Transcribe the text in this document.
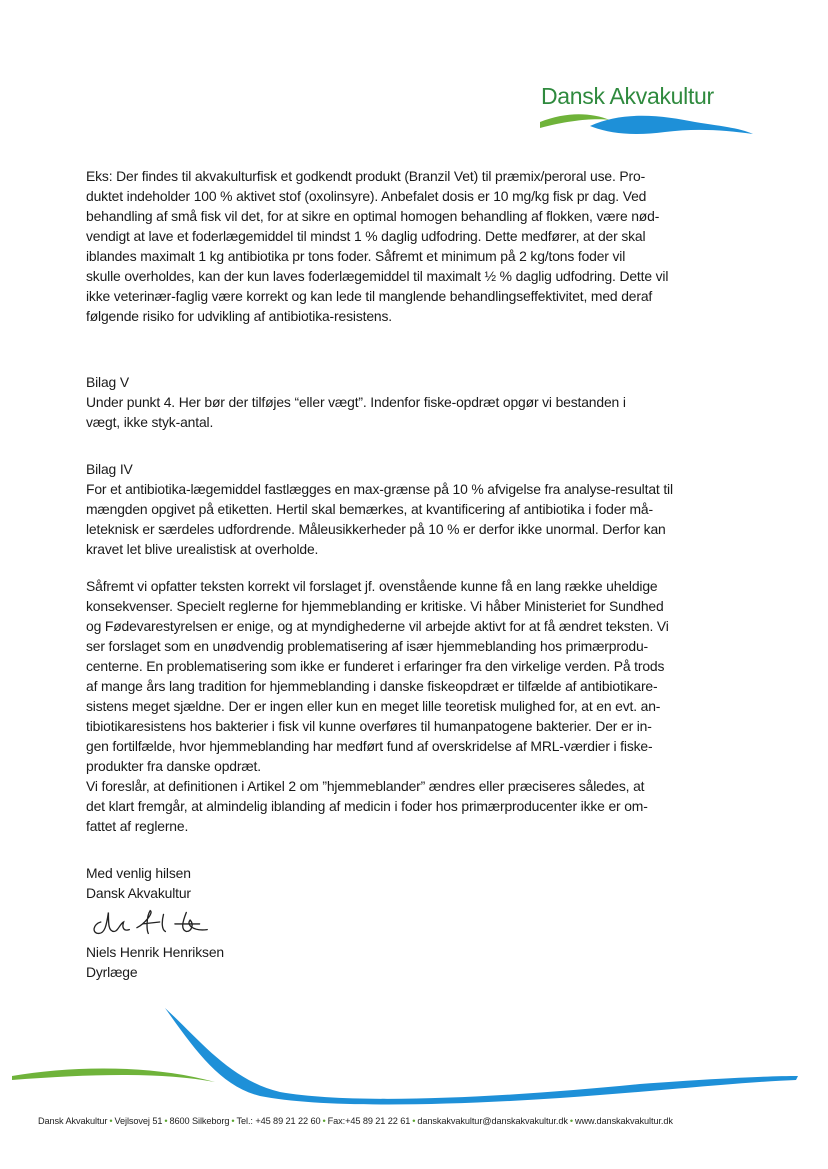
Dansk Akvakultur
Eks: Der findes til akvakulturfisk et godkendt produkt (Branzil Vet) til præmix/peroral use. Pro-
duktet indeholder 100 % aktivet stof (oxolinsyre). Anbefalet dosis er 10 mg/kg fisk pr dag. Ved
behandling af små fisk vil det, for at sikre en optimal homogen behandling af flokken, være nød-
vendigt at lave et foderlægemiddel til mindst 1 % daglig udfodring. Dette medfører, at der skal
iblandes maximalt 1 kg antibiotika pr tons foder. Såfremt et minimum på 2 kg/tons foder vil
skulle overholdes, kan der kun laves foderlægemiddel til maximalt ½ % daglig udfodring. Dette vil
ikke veterinær-faglig være korrekt og kan lede til manglende behandlingseffektivitet, med deraf
følgende risiko for udvikling af antibiotika-resistens.
Bilag V
Under punkt 4. Her bør der tilføjes “eller vægt”. Indenfor fiske-opdræt opgør vi bestanden i
vægt, ikke styk-antal.
Bilag IV
For et antibiotika-lægemiddel fastlægges en max-grænse på 10 % afvigelse fra analyse-resultat til
mængden opgivet på etiketten. Hertil skal bemærkes, at kvantificering af antibiotika i foder må-
leteknisk er særdeles udfordrende. Måleusikkerheder på 10 % er derfor ikke unormal. Derfor kan
kravet let blive urealistisk at overholde.
Såfremt vi opfatter teksten korrekt vil forslaget jf. ovenstående kunne få en lang række uheldige
konsekvenser. Specielt reglerne for hjemmeblanding er kritiske. Vi håber Ministeriet for Sundhed
og Fødevarestyrelsen er enige, og at myndighederne vil arbejde aktivt for at få ændret teksten. Vi
ser forslaget som en unødvendig problematisering af især hjemmeblanding hos primærprodu-
centerne. En problematisering som ikke er funderet i erfaringer fra den virkelige verden. På trods
af mange års lang tradition for hjemmeblanding i danske fiskeopdræt er tilfælde af antibiotikare-
sistens meget sjældne. Der er ingen eller kun en meget lille teoretisk mulighed for, at en evt. an-
tibiotikaresistens hos bakterier i fisk vil kunne overføres til humanpatogene bakterier. Der er in-
gen fortilfælde, hvor hjemmeblanding har medført fund af overskridelse af MRL-værdier i fiske-
produkter fra danske opdræt.
Vi foreslår, at definitionen i Artikel 2 om ”hjemmeblander” ændres eller præciseres således, at
det klart fremgår, at almindelig iblanding af medicin i foder hos primærproducenter ikke er om-
fattet af reglerne.
Med venlig hilsen
Dansk Akvakultur
Niels Henrik Henriksen
Dyrlæge
Dansk Akvakultur • Vejlsovej 51 • 8600 Silkeborg • Tel.: +45 89 21 22 60 • Fax:+45 89 21 22 61 • danskakvakultur@danskakvakultur.dk • www.danskakvakultur.dk
